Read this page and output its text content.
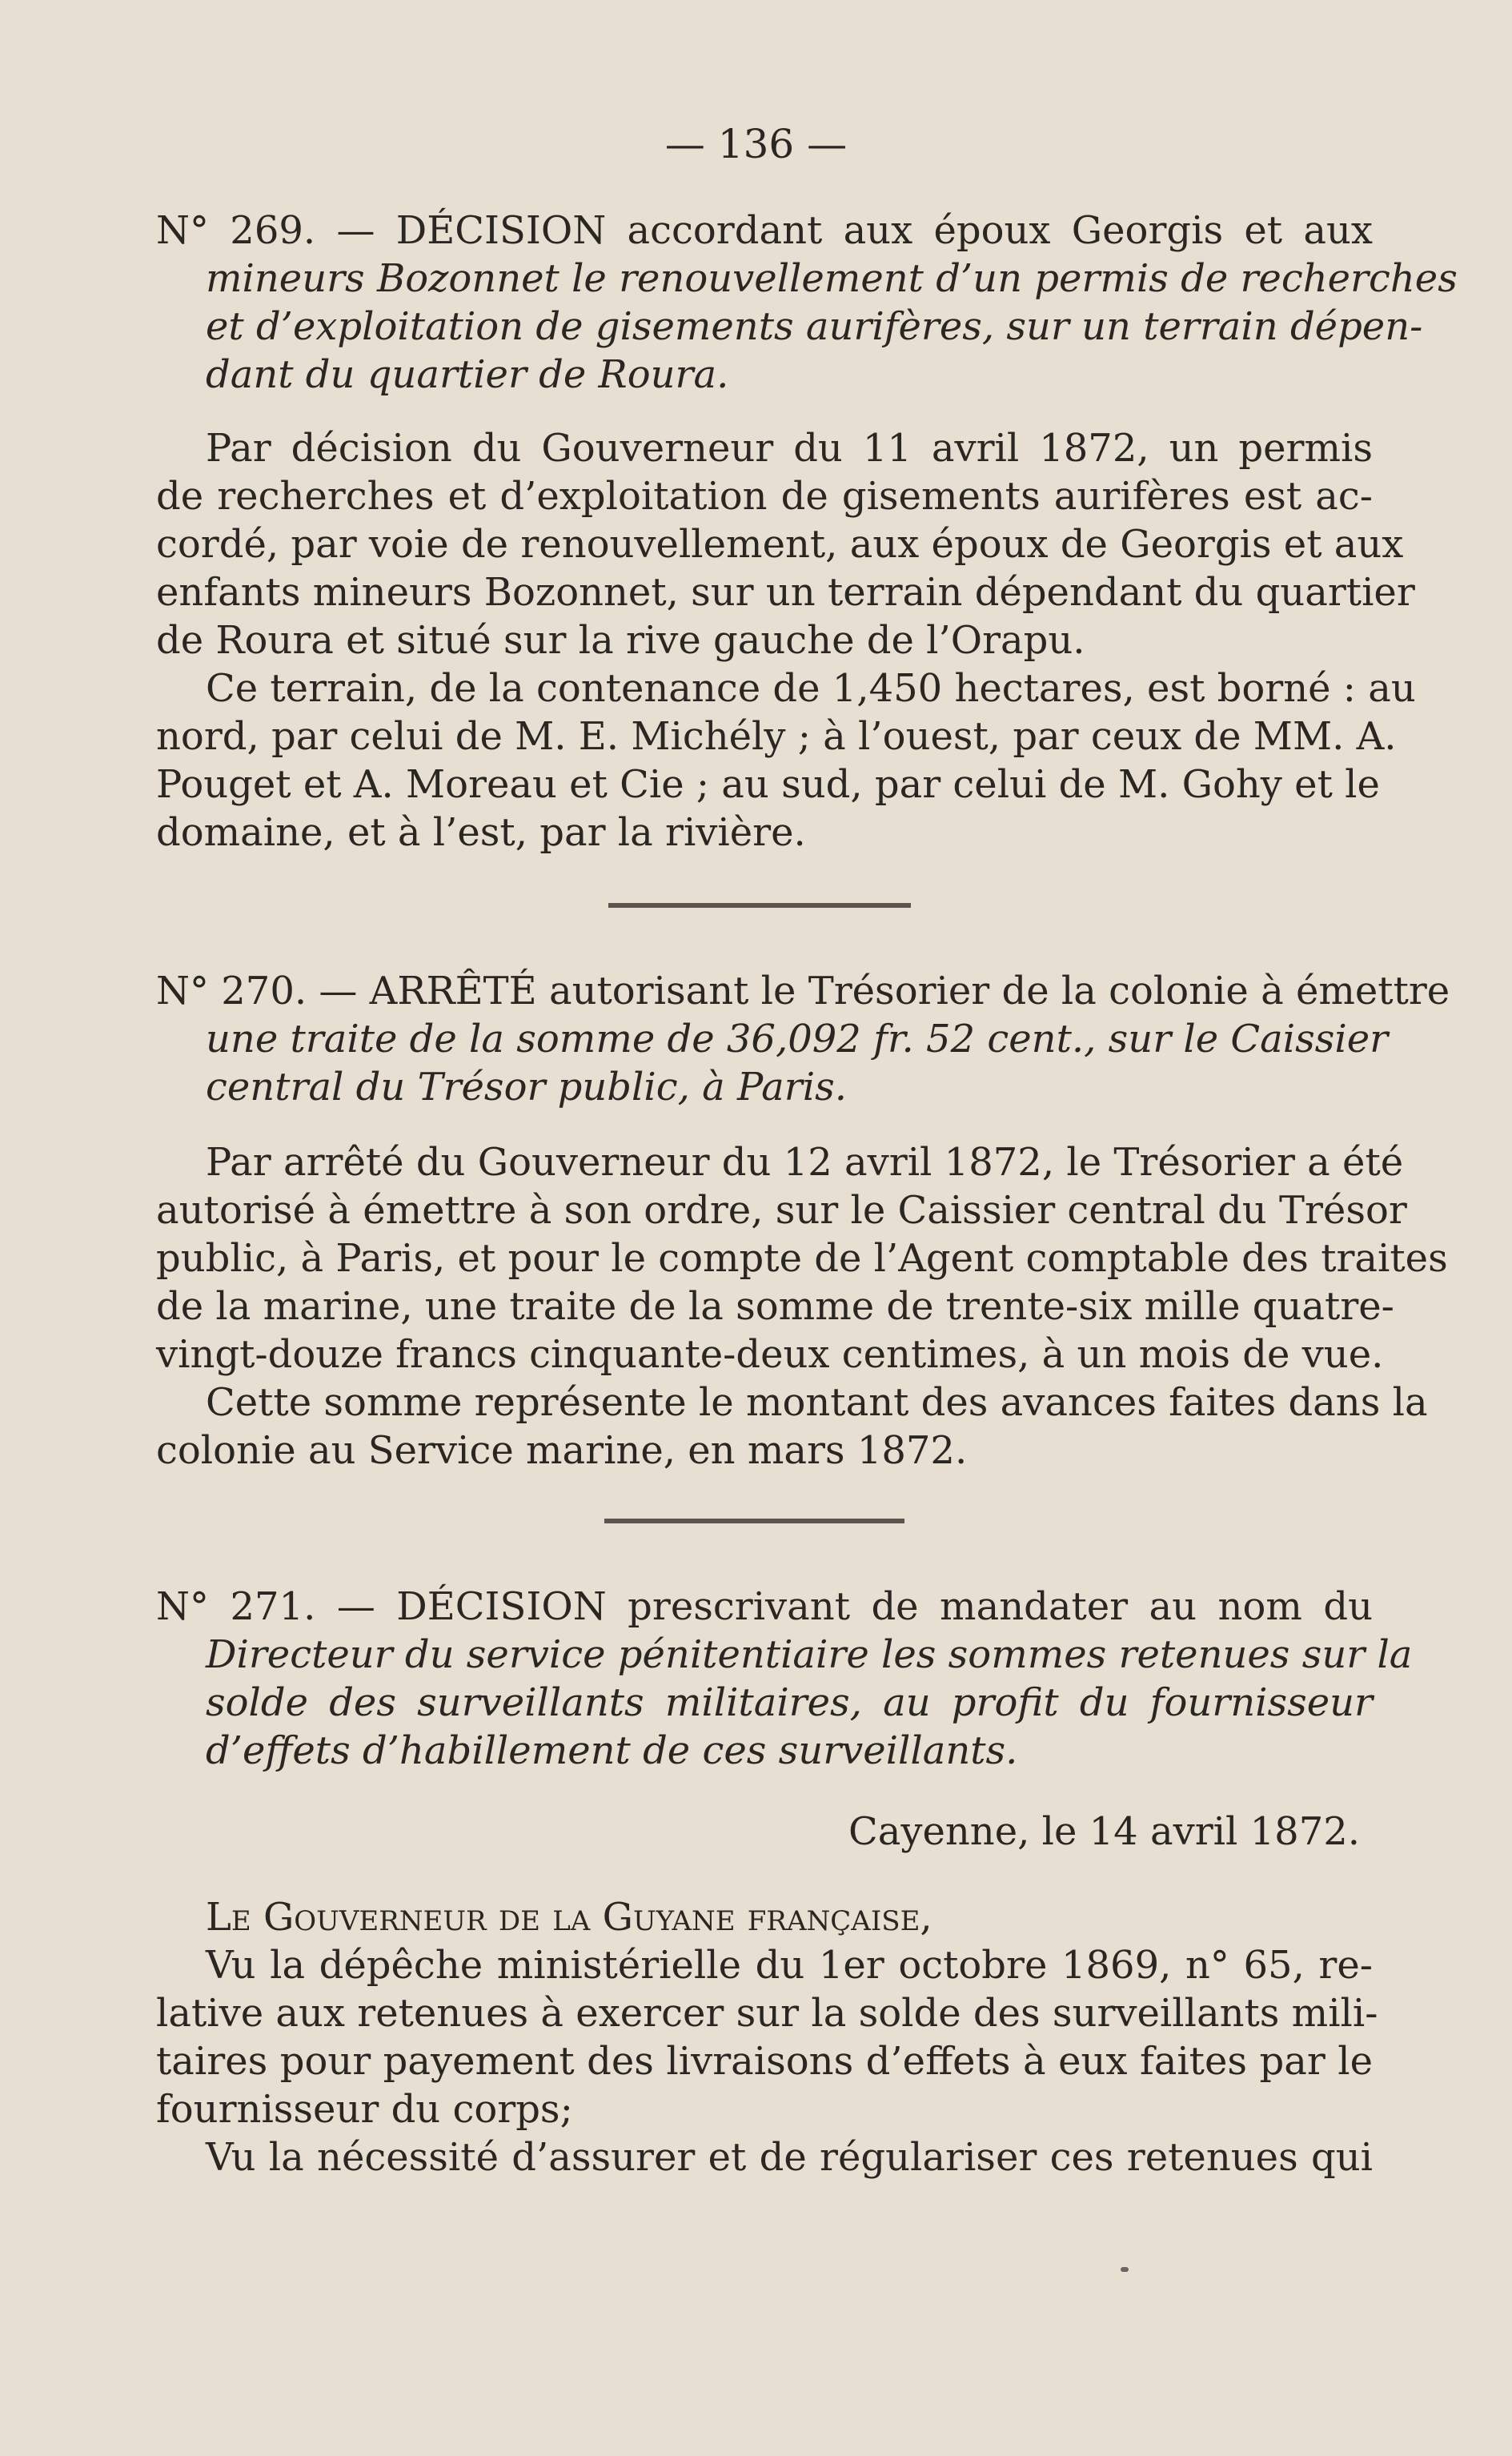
— 136 —

N° 269. — DÉCISION accordant aux époux Georgis et aux

mineurs Bozonnet le renouvellement d’un permis de recherches

et d’exploitation de gisements aurifères, sur un terrain dépen-

dant du quartier de Roura.

Par décision du Gouverneur du 11 avril 1872, un permis

de recherches et d’exploitation de gisements aurifères est ac-

cordé, par voie de renouvellement, aux époux de Georgis et aux

enfants mineurs Bozonnet, sur un terrain dépendant du quartier

de Roura et situé sur la rive gauche de l’Orapu.

Ce terrain, de la contenance de 1,450 hectares, est borné : au

nord, par celui de M. E. Michély ; à l’ouest, par ceux de MM. A.

Pouget et A. Moreau et Cie ; au sud, par celui de M. Gohy et le

domaine, et à l’est, par la rivière.

N° 270. — ARRÊTÉ autorisant le Trésorier de la colonie à émettre

une traite de la somme de 36,092 fr. 52 cent., sur le Caissier

central du Trésor public, à Paris.

Par arrêté du Gouverneur du 12 avril 1872, le Trésorier a été

autorisé à émettre à son ordre, sur le Caissier central du Trésor

public, à Paris, et pour le compte de l’Agent comptable des traites

de la marine, une traite de la somme de trente-six mille quatre-

vingt-douze francs cinquante-deux centimes, à un mois de vue.

Cette somme représente le montant des avances faites dans la

colonie au Service marine, en mars 1872.

N° 271. — DÉCISION prescrivant de mandater au nom du

Directeur du service pénitentiaire les sommes retenues sur la

solde des surveillants militaires, au profit du fournisseur

d’effets d’habillement de ces surveillants.

Cayenne, le 14 avril 1872.

Le Gouverneur de la Guyane française,

Vu la dépêche ministérielle du 1er octobre 1869, n° 65, re-

lative aux retenues à exercer sur la solde des surveillants mili-

taires pour payement des livraisons d’effets à eux faites par le

fournisseur du corps;

Vu la nécessité d’assurer et de régulariser ces retenues qui
